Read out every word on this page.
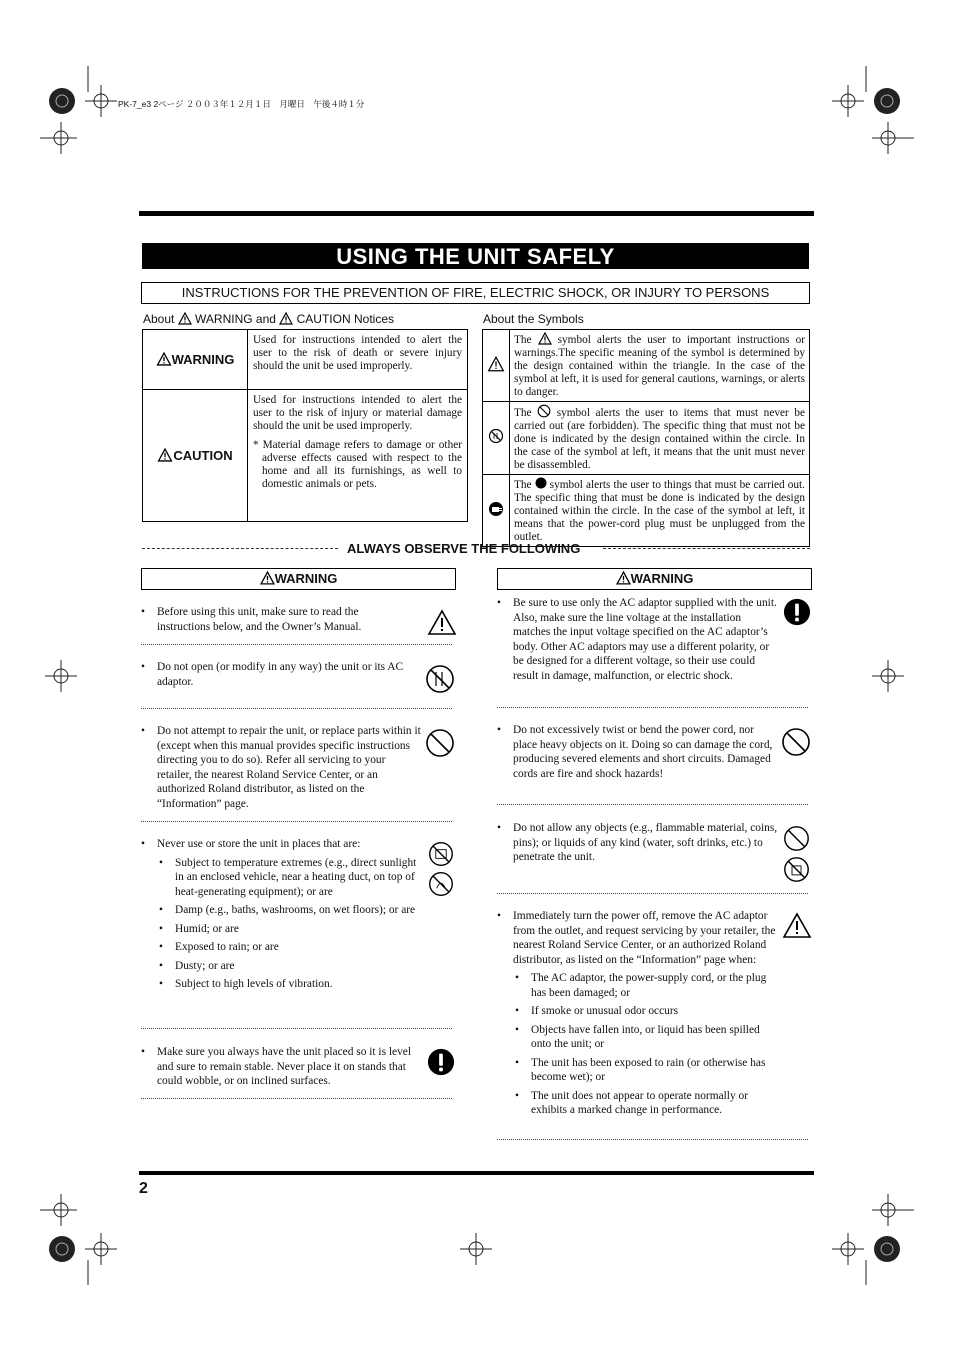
PK-7_e3 2ページ ２００３年１２月１日　月曜日　午後４時１分
USING THE UNIT SAFELY
INSTRUCTIONS FOR THE PREVENTION OF FIRE, ELECTRIC SHOCK, OR INJURY TO PERSONS
About WARNING and CAUTION Notices
WARNING	Used for instructions intended to alert the user to the risk of death or severe injury should the unit be used improperly.
CAUTION	Used for instructions intended to alert the user to the risk of injury or material damage should the unit be used improperly.
* Material damage refers to damage or other adverse effects caused with respect to the home and all its furnishings, as well to domestic animals or pets.
About the Symbols
	The symbol alerts the user to important instructions or warnings.The specific meaning of the symbol is determined by the design contained within the triangle. In the case of the symbol at left, it is used for general cautions, warnings, or alerts to danger.
	The symbol alerts the user to items that must never be carried out (are forbidden). The specific thing that must not be done is indicated by the design contained within the circle. In the case of the symbol at left, it means that the unit must never be disassembled.
	The symbol alerts the user to things that must be carried out. The specific thing that must be done is indicated by the design contained within the circle. In the case of the symbol at left, it means that the power-cord plug must be unplugged from the outlet.
ALWAYS OBSERVE THE FOLLOWING
WARNING	WARNING
• Before using this unit, make sure to read the instructions below, and the Owner’s Manual.
• Do not open (or modify in any way) the unit or its AC adaptor.
• Do not attempt to repair the unit, or replace parts within it (except when this manual provides specific instructions directing you to do so). Refer all servicing to your retailer, the nearest Roland Service Center, or an authorized Roland distributor, as listed on the “Information” page.
• Never use or store the unit in places that are:
• Subject to temperature extremes (e.g., direct sunlight in an enclosed vehicle, near a heating duct, on top of heat-generating equipment); or are
• Damp (e.g., baths, washrooms, on wet floors); or are
• Humid; or are
• Exposed to rain; or are
• Dusty; or are
• Subject to high levels of vibration.
• Make sure you always have the unit placed so it is level and sure to remain stable. Never place it on stands that could wobble, or on inclined surfaces.
• Be sure to use only the AC adaptor supplied with the unit. Also, make sure the line voltage at the installation matches the input voltage specified on the AC adaptor’s body. Other AC adaptors may use a different polarity, or be designed for a different voltage, so their use could result in damage, malfunction, or electric shock.
• Do not excessively twist or bend the power cord, nor place heavy objects on it. Doing so can damage the cord, producing severed elements and short circuits. Damaged cords are fire and shock hazards!
• Do not allow any objects (e.g., flammable material, coins, pins); or liquids of any kind (water, soft drinks, etc.) to penetrate the unit.
• Immediately turn the power off, remove the AC adaptor from the outlet, and request servicing by your retailer, the nearest Roland Service Center, or an authorized Roland distributor, as listed on the “Information” page when:
• The AC adaptor, the power-supply cord, or the plug has been damaged; or
• If smoke or unusual odor occurs
• Objects have fallen into, or liquid has been spilled onto the unit; or
• The unit has been exposed to rain (or otherwise has become wet); or
• The unit does not appear to operate normally or exhibits a marked change in performance.
2
